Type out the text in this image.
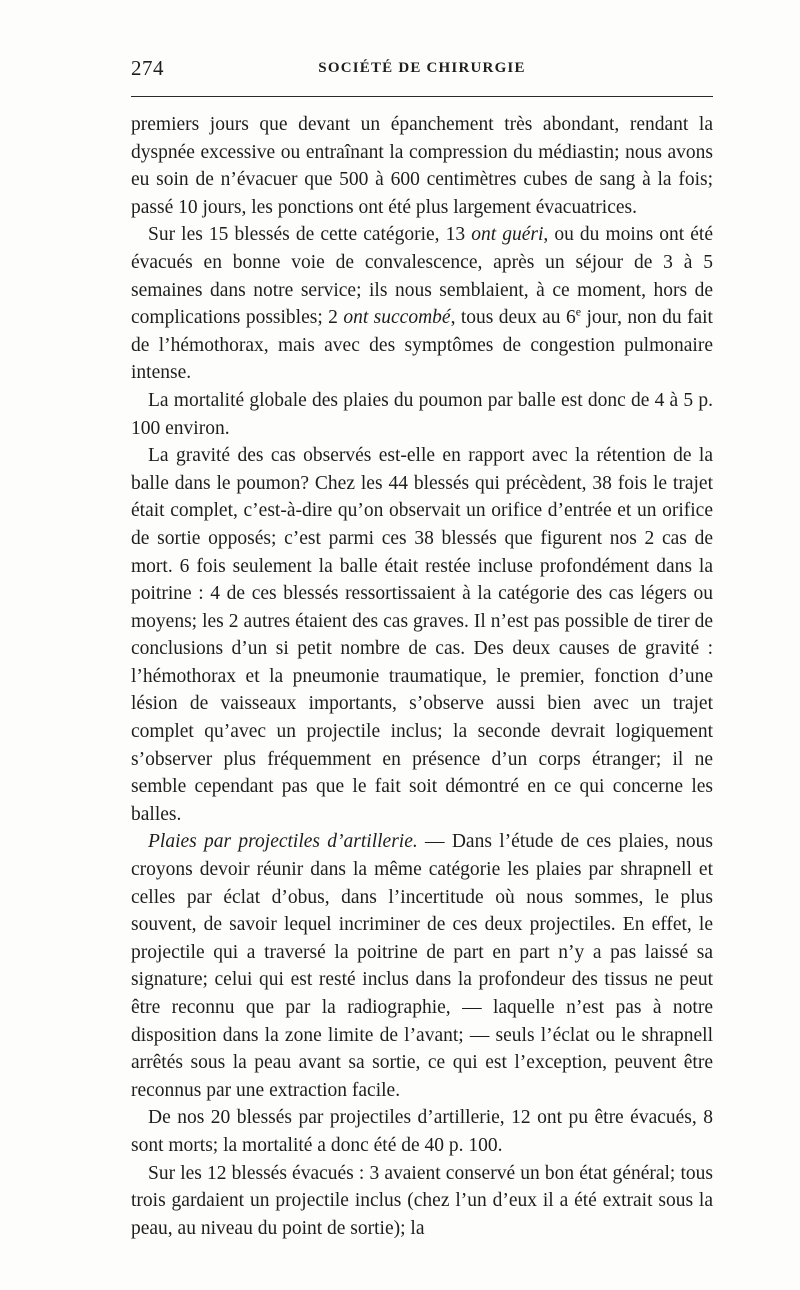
274	SOCIÉTÉ DE CHIRURGIE

premiers jours que devant un épanchement très abondant, rendant la dyspnée excessive ou entraînant la compression du médiastin; nous avons eu soin de n’évacuer que 500 à 600 centimètres cubes de sang à la fois; passé 10 jours, les ponctions ont été plus largement évacuatrices.

Sur les 15 blessés de cette catégorie, 13 ont guéri, ou du moins ont été évacués en bonne voie de convalescence, après un séjour de 3 à 5 semaines dans notre service; ils nous semblaient, à ce moment, hors de complications possibles; 2 ont succombé, tous deux au 6e jour, non du fait de l’hémothorax, mais avec des symptômes de congestion pulmonaire intense.

La mortalité globale des plaies du poumon par balle est donc de 4 à 5 p. 100 environ.

La gravité des cas observés est-elle en rapport avec la rétention de la balle dans le poumon? Chez les 44 blessés qui précèdent, 38 fois le trajet était complet, c’est-à-dire qu’on observait un orifice d’entrée et un orifice de sortie opposés; c’est parmi ces 38 blessés que figurent nos 2 cas de mort. 6 fois seulement la balle était restée incluse profondément dans la poitrine : 4 de ces blessés ressortissaient à la catégorie des cas légers ou moyens; les 2 autres étaient des cas graves. Il n’est pas possible de tirer de conclusions d’un si petit nombre de cas. Des deux causes de gravité : l’hémothorax et la pneumonie traumatique, le premier, fonction d’une lésion de vaisseaux importants, s’observe aussi bien avec un trajet complet qu’avec un projectile inclus; la seconde devrait logiquement s’observer plus fréquemment en présence d’un corps étranger; il ne semble cependant pas que le fait soit démontré en ce qui concerne les balles.

Plaies par projectiles d’artillerie. — Dans l’étude de ces plaies, nous croyons devoir réunir dans la même catégorie les plaies par shrapnell et celles par éclat d’obus, dans l’incertitude où nous sommes, le plus souvent, de savoir lequel incriminer de ces deux projectiles. En effet, le projectile qui a traversé la poitrine de part en part n’y a pas laissé sa signature; celui qui est resté inclus dans la profondeur des tissus ne peut être reconnu que par la radiographie, — laquelle n’est pas à notre disposition dans la zone limite de l’avant; — seuls l’éclat ou le shrapnell arrêtés sous la peau avant sa sortie, ce qui est l’exception, peuvent être reconnus par une extraction facile.

De nos 20 blessés par projectiles d’artillerie, 12 ont pu être évacués, 8 sont morts; la mortalité a donc été de 40 p. 100.

Sur les 12 blessés évacués : 3 avaient conservé un bon état général; tous trois gardaient un projectile inclus (chez l’un d’eux il a été extrait sous la peau, au niveau du point de sortie); la
